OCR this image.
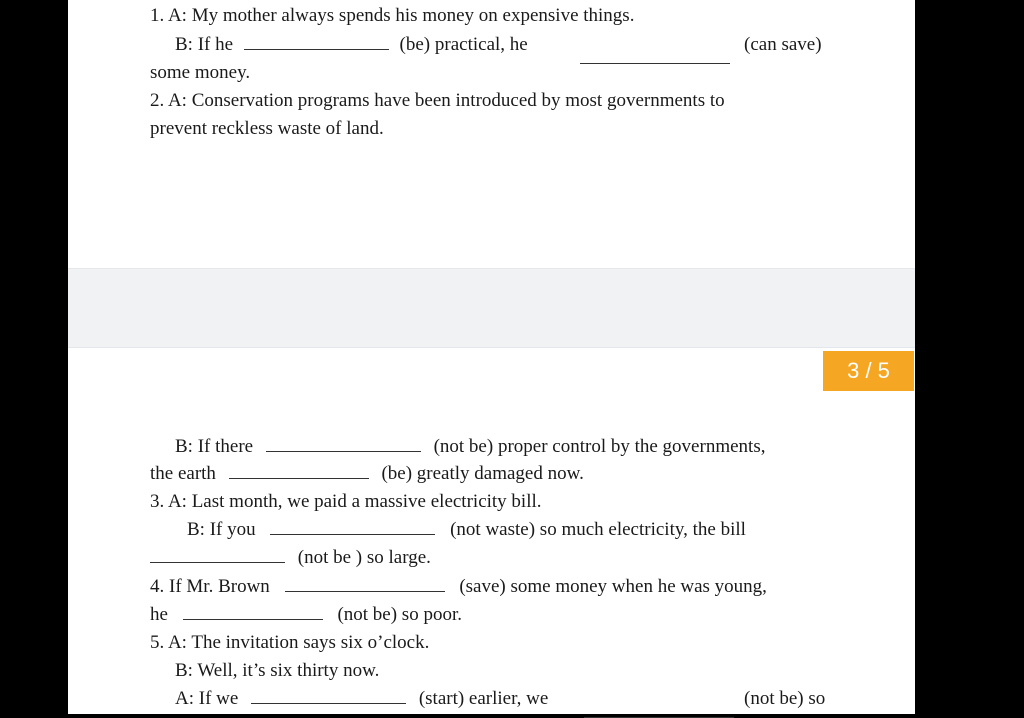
1. A: My mother always spends his money on expensive things.
B: If he	(be) practical, he	(can save)
some money.
2. A: Conservation programs have been introduced by most governments to
prevent reckless waste of land.
B: If there	(not be) proper control by the governments,
the earth	(be) greatly damaged now.
3. A: Last month, we paid a massive electricity bill.
B: If you	(not waste) so much electricity, the bill
(not be ) so large.
4. If Mr. Brown	(save) some money when he was young,
he	(not be) so poor.
5. A: The invitation says six o’clock.
B: Well, it’s six thirty now.
A: If we	(start) earlier, we	(not be) so
3 / 5
